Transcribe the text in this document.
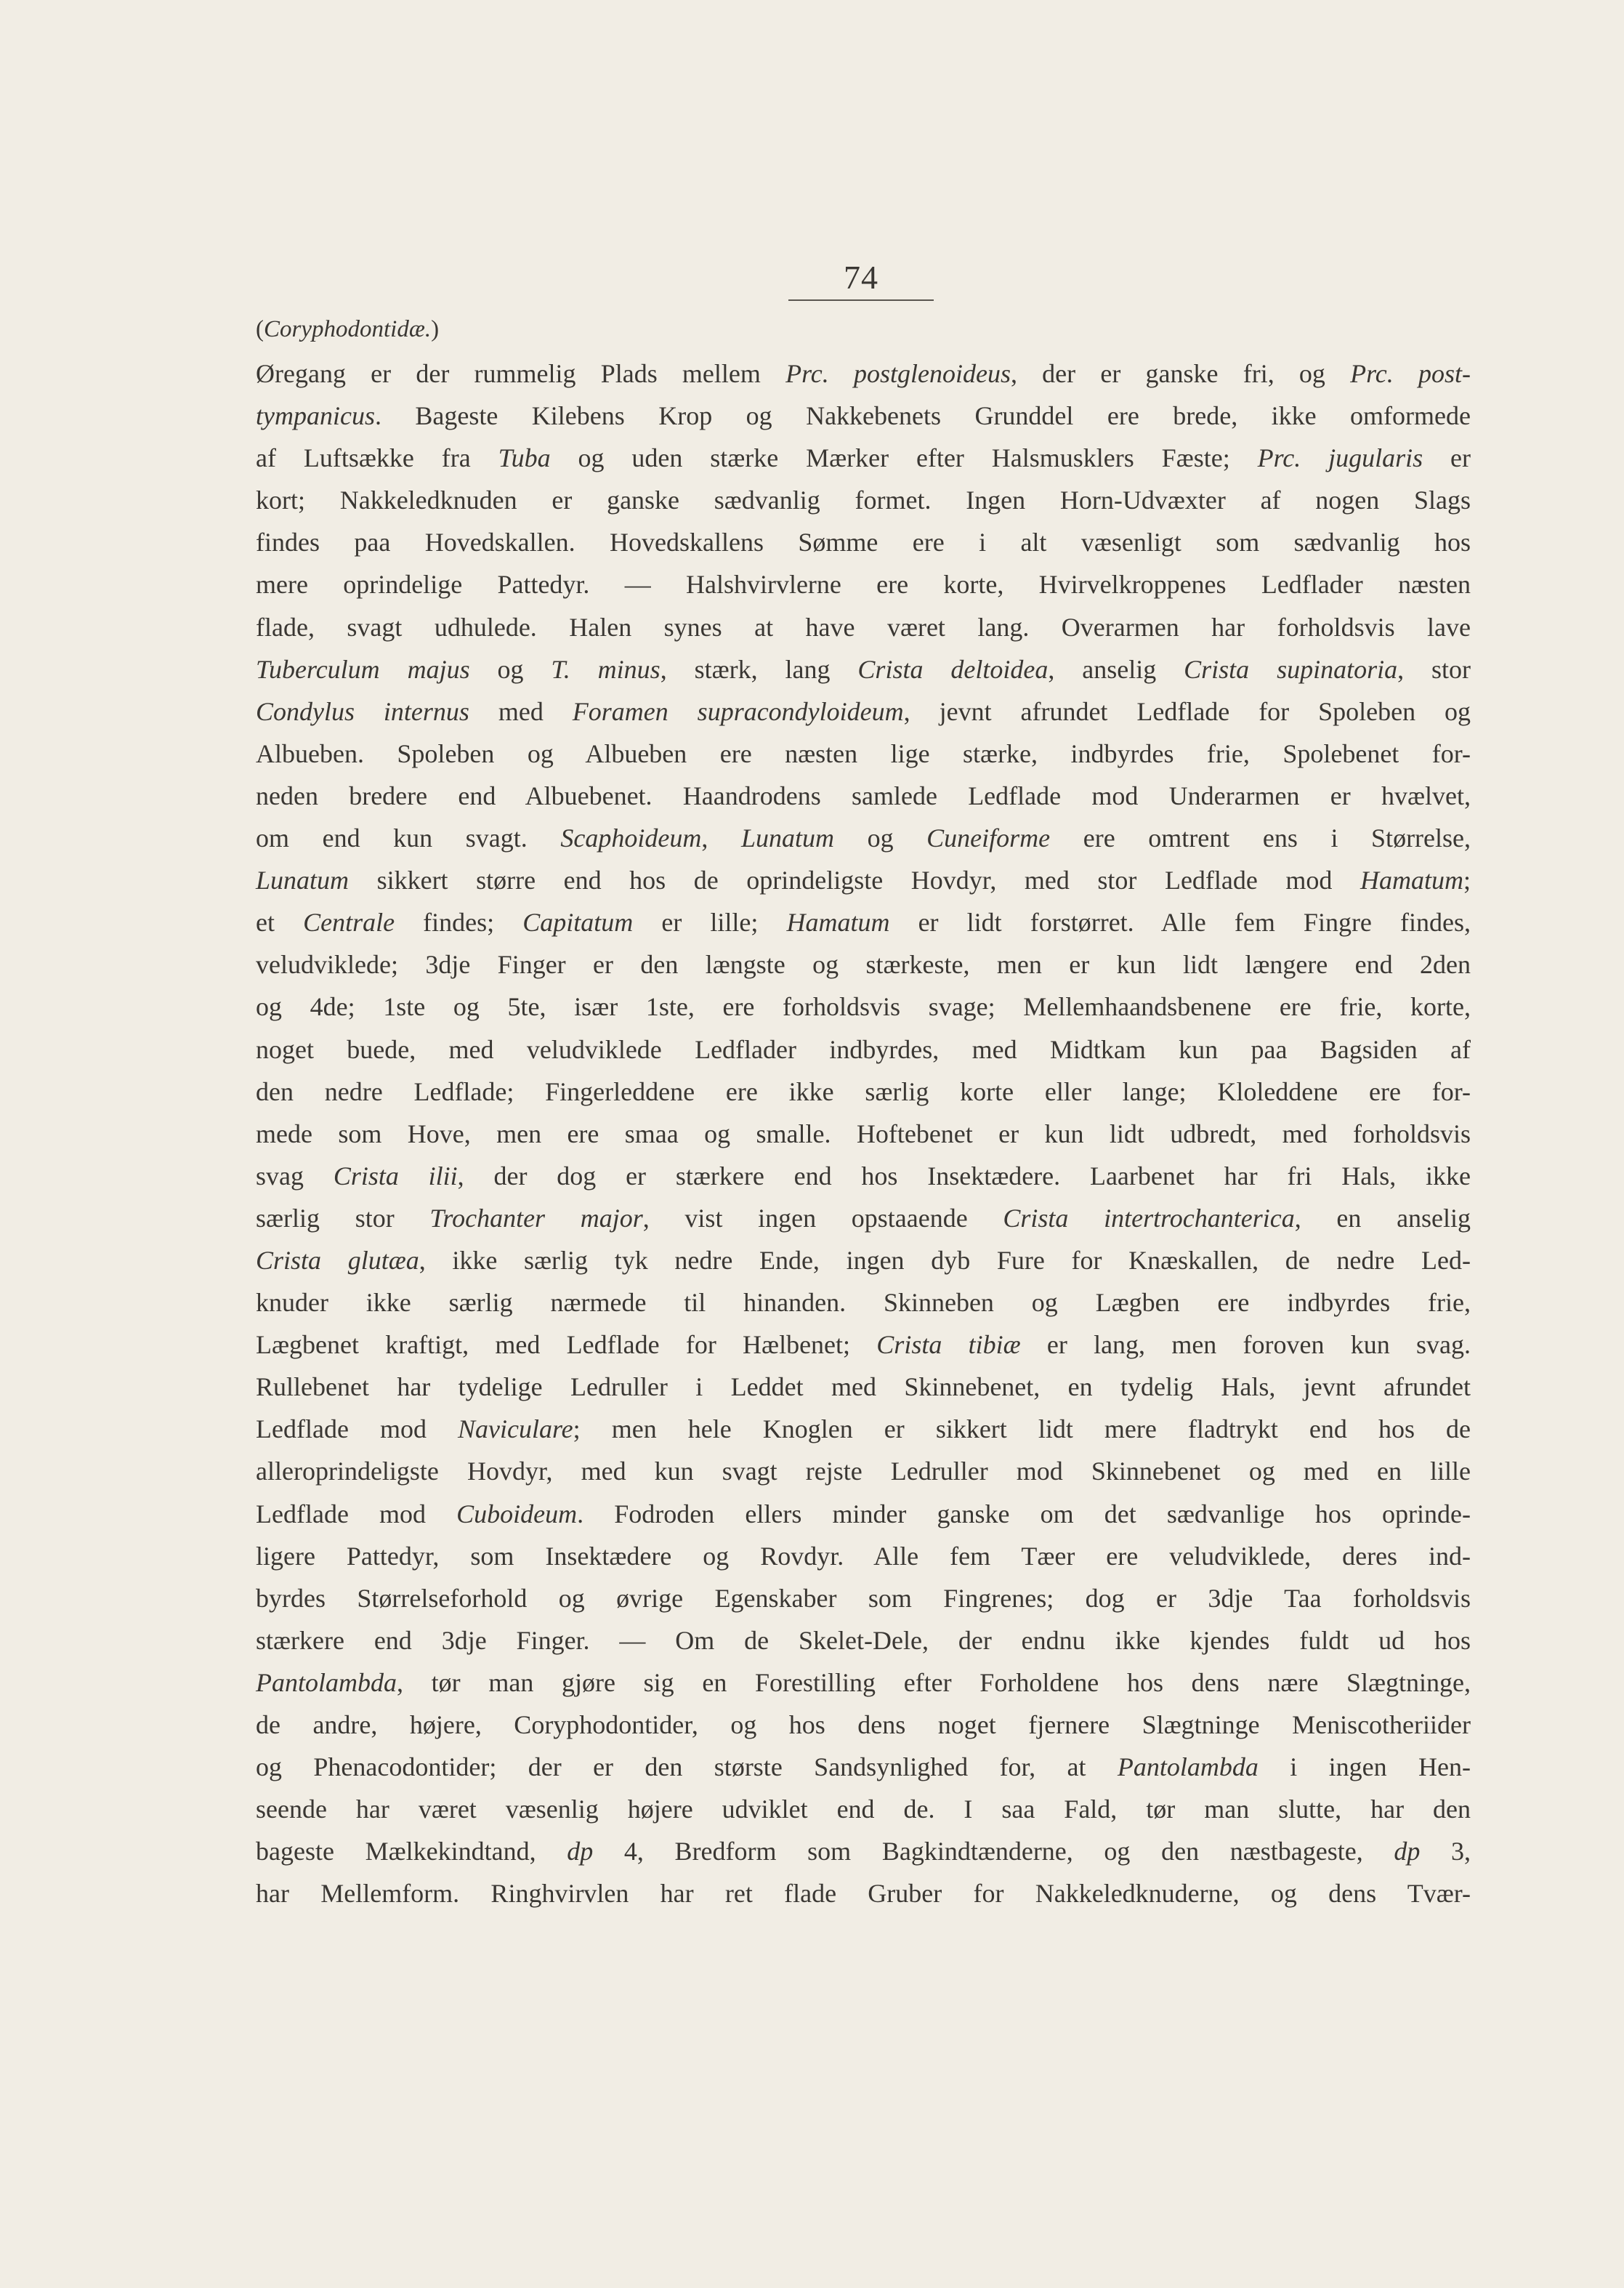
74
(Coryphodontidæ.)
Øregang er der rummelig Plads mellem Prc. postglenoideus, der er ganske fri, og Prc. post-
tympanicus. Bageste Kilebens Krop og Nakkebenets Grunddel ere brede, ikke omformede
af Luftsække fra Tuba og uden stærke Mærker efter Halsmusklers Fæste; Prc. jugularis er
kort; Nakkeledknuden er ganske sædvanlig formet. Ingen Horn-Udvæxter af nogen Slags
findes paa Hovedskallen. Hovedskallens Sømme ere i alt væsenligt som sædvanlig hos
mere oprindelige Pattedyr. — Halshvirvlerne ere korte, Hvirvelkroppenes Ledflader næsten
flade, svagt udhulede. Halen synes at have været lang. Overarmen har forholdsvis lave
Tuberculum majus og T. minus, stærk, lang Crista deltoidea, anselig Crista supinatoria, stor
Condylus internus med Foramen supracondyloideum, jevnt afrundet Ledflade for Spoleben og
Albueben. Spoleben og Albueben ere næsten lige stærke, indbyrdes frie, Spolebenet for-
neden bredere end Albuebenet. Haandrodens samlede Ledflade mod Underarmen er hvælvet,
om end kun svagt. Scaphoideum, Lunatum og Cuneiforme ere omtrent ens i Størrelse,
Lunatum sikkert større end hos de oprindeligste Hovdyr, med stor Ledflade mod Hamatum;
et Centrale findes; Capitatum er lille; Hamatum er lidt forstørret. Alle fem Fingre findes,
veludviklede; 3dje Finger er den længste og stærkeste, men er kun lidt længere end 2den
og 4de; 1ste og 5te, især 1ste, ere forholdsvis svage; Mellemhaandsbenene ere frie, korte,
noget buede, med veludviklede Ledflader indbyrdes, med Midtkam kun paa Bagsiden af
den nedre Ledflade; Fingerleddene ere ikke særlig korte eller lange; Kloleddene ere for-
mede som Hove, men ere smaa og smalle. Hoftebenet er kun lidt udbredt, med forholdsvis
svag Crista ilii, der dog er stærkere end hos Insektædere. Laarbenet har fri Hals, ikke
særlig stor Trochanter major, vist ingen opstaaende Crista intertrochanterica, en anselig
Crista glutæa, ikke særlig tyk nedre Ende, ingen dyb Fure for Knæskallen, de nedre Led-
knuder ikke særlig nærmede til hinanden. Skinneben og Lægben ere indbyrdes frie,
Lægbenet kraftigt, med Ledflade for Hælbenet; Crista tibiæ er lang, men foroven kun svag.
Rullebenet har tydelige Ledruller i Leddet med Skinnebenet, en tydelig Hals, jevnt afrundet
Ledflade mod Naviculare; men hele Knoglen er sikkert lidt mere fladtrykt end hos de
alleroprindeligste Hovdyr, med kun svagt rejste Ledruller mod Skinnebenet og med en lille
Ledflade mod Cuboideum. Fodroden ellers minder ganske om det sædvanlige hos oprinde-
ligere Pattedyr, som Insektædere og Rovdyr. Alle fem Tæer ere veludviklede, deres ind-
byrdes Størrelseforhold og øvrige Egenskaber som Fingrenes; dog er 3dje Taa forholdsvis
stærkere end 3dje Finger. — Om de Skelet-Dele, der endnu ikke kjendes fuldt ud hos
Pantolambda, tør man gjøre sig en Forestilling efter Forholdene hos dens nære Slægtninge,
de andre, højere, Coryphodontider, og hos dens noget fjernere Slægtninge Meniscotheriider
og Phenacodontider; der er den største Sandsynlighed for, at Pantolambda i ingen Hen-
seende har været væsenlig højere udviklet end de. I saa Fald, tør man slutte, har den
bageste Mælkekindtand, dp 4, Bredform som Bagkindtænderne, og den næstbageste, dp 3,
har Mellemform. Ringhvirvlen har ret flade Gruber for Nakkeledknuderne, og dens Tvær-
